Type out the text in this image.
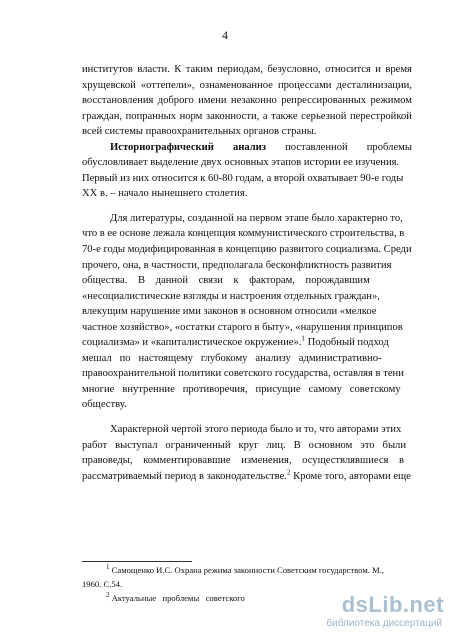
4
институтов власти. К таким периодам, безусловно, относится и время
хрущевской «оттепели», ознаменованное процессами десталинизации,
восстановления доброго имени незаконно репрессированных режимом
граждан, попранных норм законности, а также серьезной перестройкой
всей системы правоохранительных органов страны.
Историографический анализ поставленной проблемы
обусловливает выделение двух основных этапов истории ее изучения.
Первый из них относится к 60-80 годам, а второй охватывает 90-е годы
XX в. – начало нынешнего столетия.
Для литературы, созданной на первом этапе было характерно то,
что в ее основе лежала концепция коммунистического строительства, в
70-е годы модифицированная в концепцию развитого социализма. Среди
прочего, она, в частности, предполагала бесконфликтность развития
общества.    В    данной    связи    к    факторам,    порождавшим
«несоциалистические взгляды и настроения отдельных граждан»,
влекущим нарушение ими законов в основном относили «мелкое
частное хозяйство», «остатки старого в быту», «нарушения принципов
социализма» и «капиталистическое окружение».$^1$ Подобный подход
мешал   по   настоящему   глубокому   анализу   административно-
правоохранительной политики советского государства, оставляя в тени
многие   внутренние   противоречия,   присущие   самому   советскому
обществу.
Характерной чертой этого периода было и то, что авторами этих
работ   выступал   ограниченный   круг   лиц.   В   основном   это   были
правоведы,    комментировавшие    изменения,    осуществлявшиеся    в
рассматриваемый период в законодательстве.$^2$ Кроме того, авторами еще
$^1$ Самощенко И.С. Охрана режима законности Советским государством. М.,
1960. С.54.
$^2$ Актуальные   проблемы   советского	dsLib.net
библиотека диссертаций
